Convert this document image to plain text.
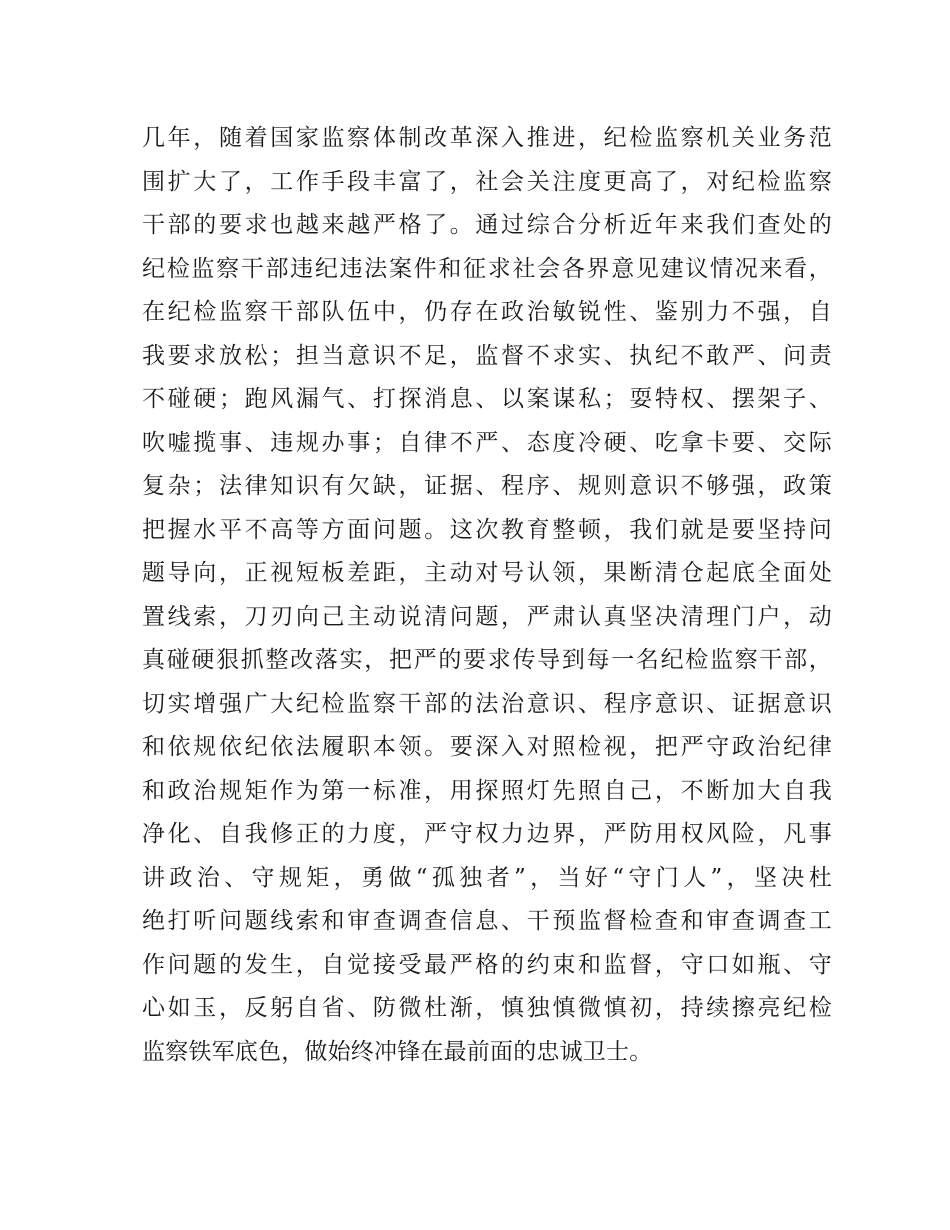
几年，随着国家监察体制改革深入推进，纪检监察机关业务范
围扩大了，工作手段丰富了，社会关注度更高了，对纪检监察
干部的要求也越来越严格了。通过综合分析近年来我们查处的
纪检监察干部违纪违法案件和征求社会各界意见建议情况来看，
在纪检监察干部队伍中，仍存在政治敏锐性、鉴别力不强，自
我要求放松；担当意识不足，监督不求实、执纪不敢严、问责
不碰硬；跑风漏气、打探消息、以案谋私；耍特权、摆架子、
吹嘘揽事、违规办事；自律不严、态度冷硬、吃拿卡要、交际
复杂；法律知识有欠缺，证据、程序、规则意识不够强，政策
把握水平不高等方面问题。这次教育整顿，我们就是要坚持问
题导向，正视短板差距，主动对号认领，果断清仓起底全面处
置线索，刀刃向己主动说清问题，严肃认真坚决清理门户，动
真碰硬狠抓整改落实，把严的要求传导到每一名纪检监察干部，
切实增强广大纪检监察干部的法治意识、程序意识、证据意识
和依规依纪依法履职本领。要深入对照检视，把严守政治纪律
和政治规矩作为第一标准，用探照灯先照自己，不断加大自我
净化、自我修正的力度，严守权力边界，严防用权风险，凡事
讲政治、守规矩，勇做“孤独者”，当好“守门人”，坚决杜
绝打听问题线索和审查调查信息、干预监督检查和审查调查工
作问题的发生，自觉接受最严格的约束和监督，守口如瓶、守
心如玉，反躬自省、防微杜渐，慎独慎微慎初，持续擦亮纪检
监察铁军底色，做始终冲锋在最前面的忠诚卫士。
